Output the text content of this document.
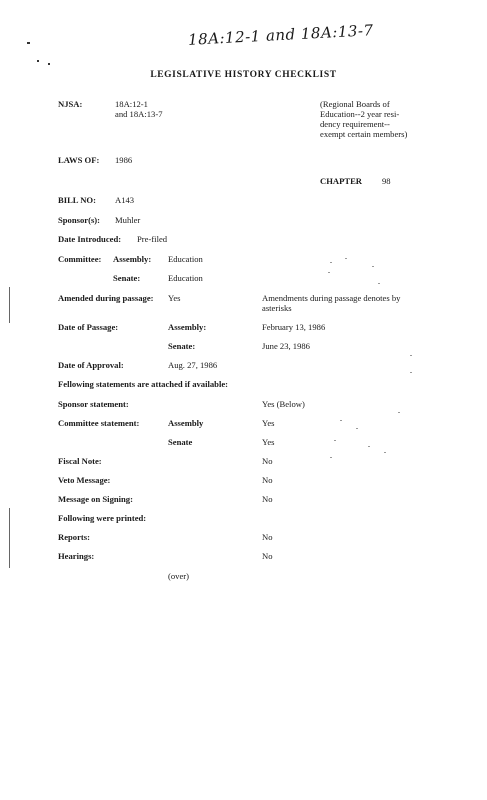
18A:12-1 and 18A:13-7
LEGISLATIVE HISTORY CHECKLIST
NJSA:	18A:12-1
and 18A:13-7
(Regional Boards of
Education--2 year resi-
dency requirement--
exempt certain members)
LAWS OF: 1986
CHAPTER 98
BILL NO: A143
Sponsor(s): Muhler
Date Introduced: Pre-filed
Committee: Assembly: Education
Senate:	Education
Amended during passage: Yes	Amendments during passage denotes by
asterisks
Date of Passage:	Assembly:	February 13, 1986
Senate:	June 23, 1986
Date of Approval:	Aug. 27, 1986
Fellowing statements are attached if available:
Sponsor statement:	Yes (Below)
Committee statement:	Assembly	Yes
Senate	Yes
Fiscal Note:	No
Veto Message:	No
Message on Signing:	No
Following were printed:
Reports:	No
Hearings:	No
(over)
